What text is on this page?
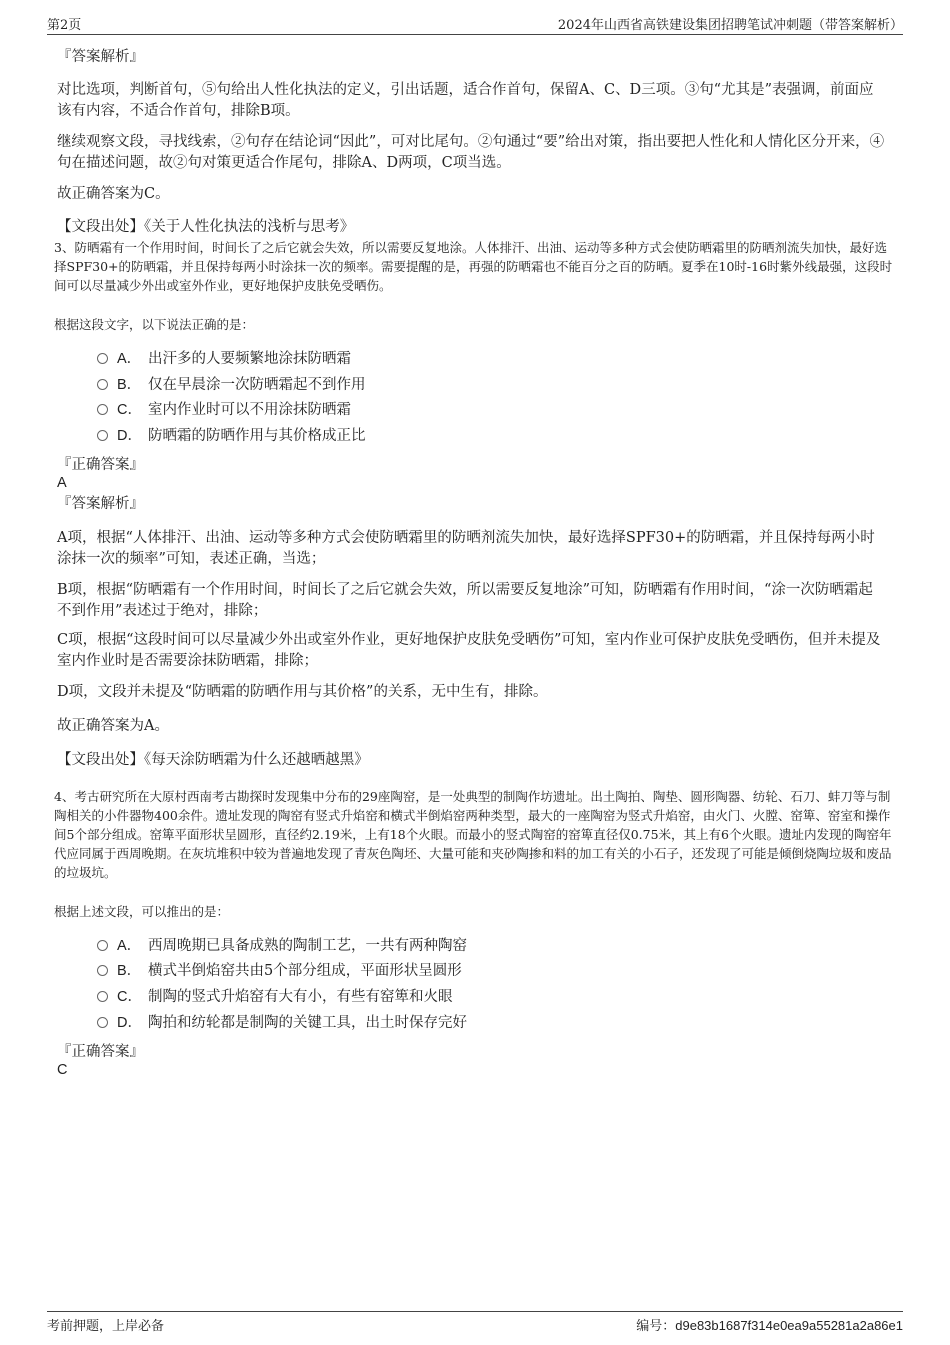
第2页	2024年山西省高铁建设集团招聘笔试冲刺题（带答案解析）
『答案解析』
对比选项，判断首句，⑤句给出人性化执法的定义，引出话题，适合作首句，保留A、C、D三项。③句“尤其是”表强调，前面应该有内容，不适合作首句，排除B项。
继续观察文段，寻找线索，②句存在结论词“因此”，可对比尾句。②句通过“要”给出对策，指出要把人性化和人情化区分开来，④句在描述问题，故②句对策更适合作尾句，排除A、D两项，C项当选。
故正确答案为C。
【文段出处】《关于人性化执法的浅析与思考》
3、防晒霜有一个作用时间，时间长了之后它就会失效，所以需要反复地涂。人体排汗、出油、运动等多种方式会使防晒霜里的防晒剂流失加快，最好选择SPF30+的防晒霜，并且保持每两小时涂抹一次的频率。需要提醒的是，再强的防晒霜也不能百分之百的防晒。夏季在10时-16时紫外线最强，这段时间可以尽量减少外出或室外作业，更好地保护皮肤免受晒伤。
根据这段文字，以下说法正确的是：
A． 出汗多的人要频繁地涂抹防晒霜
B． 仅在早晨涂一次防晒霜起不到作用
C． 室内作业时可以不用涂抹防晒霜
D． 防晒霜的防晒作用与其价格成正比
『正确答案』
A
『答案解析』
A项，根据“人体排汗、出油、运动等多种方式会使防晒霜里的防晒剂流失加快，最好选择SPF30+的防晒霜，并且保持每两小时涂抹一次的频率”可知，表述正确，当选；
B项，根据“防晒霜有一个作用时间，时间长了之后它就会失效，所以需要反复地涂”可知，防晒霜有作用时间，“涂一次防晒霜起不到作用”表述过于绝对，排除；
C项，根据“这段时间可以尽量减少外出或室外作业，更好地保护皮肤免受晒伤”可知，室内作业可保护皮肤免受晒伤，但并未提及室内作业时是否需要涂抹防晒霜，排除；
D项，文段并未提及“防晒霜的防晒作用与其价格”的关系，无中生有，排除。
故正确答案为A。
【文段出处】《每天涂防晒霜为什么还越晒越黑》
4、考古研究所在大原村西南考古勘探时发现集中分布的29座陶窑，是一处典型的制陶作坊遗址。出土陶拍、陶垫、圆形陶器、纺轮、石刀、蚌刀等与制陶相关的小件器物400余件。遗址发现的陶窑有竖式升焰窑和横式半倒焰窑两种类型，最大的一座陶窑为竖式升焰窑，由火门、火膛、窑箄、窑室和操作间5个部分组成。窑箄平面形状呈圆形，直径约2.19米，上有18个火眼。而最小的竖式陶窑的窑箄直径仅0.75米，其上有6个火眼。遗址内发现的陶窑年代应同属于西周晚期。在灰坑堆积中较为普遍地发现了青灰色陶坯、大量可能和夹砂陶掺和料的加工有关的小石子，还发现了可能是倾倒烧陶垃圾和废品的垃圾坑。
根据上述文段，可以推出的是：
A． 西周晚期已具备成熟的陶制工艺，一共有两种陶窑
B． 横式半倒焰窑共由5个部分组成，平面形状呈圆形
C． 制陶的竖式升焰窑有大有小，有些有窑箄和火眼
D． 陶拍和纺轮都是制陶的关键工具，出土时保存完好
『正确答案』
C
考前押题，上岸必备	编号：d9e83b1687f314e0ea9a55281a2a86e1
